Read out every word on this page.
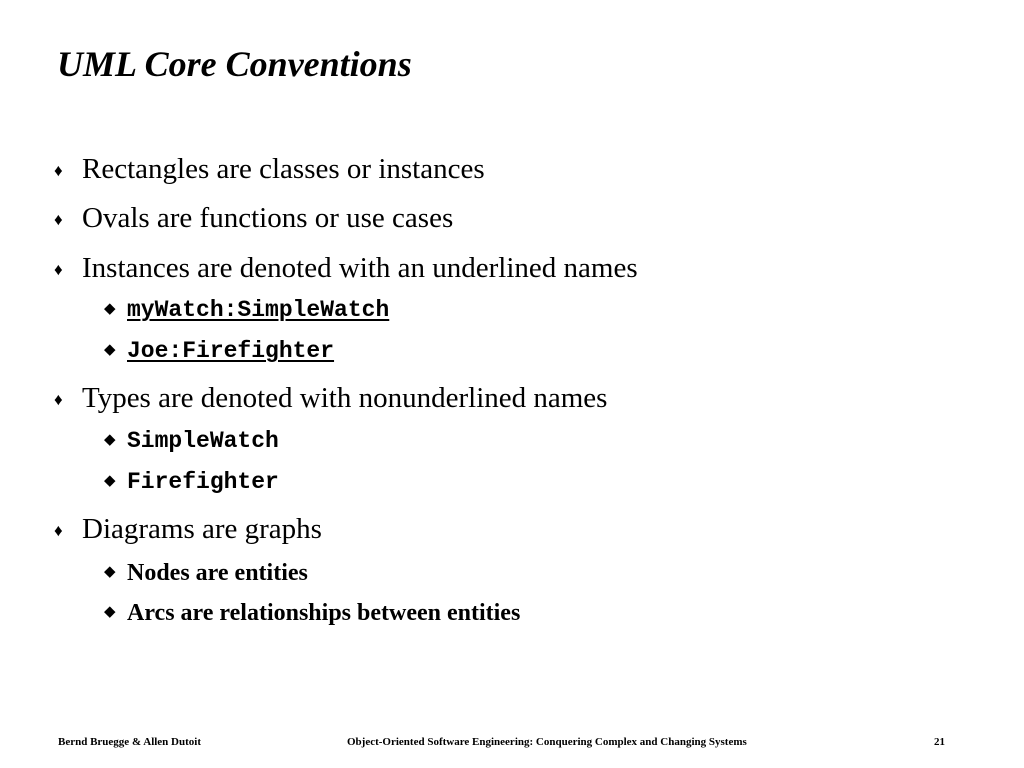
UML Core Conventions
♦ Rectangles are classes or instances
♦ Ovals are functions or use cases
♦ Instances are denoted with an underlined names
◆ myWatch:SimpleWatch
◆ Joe:Firefighter
♦ Types are denoted with nonunderlined names
◆ SimpleWatch
◆ Firefighter
♦ Diagrams are graphs
◆ Nodes are entities
◆ Arcs are relationships between entities
Bernd Bruegge & Allen Dutoit	Object-Oriented Software Engineering: Conquering Complex and Changing Systems	21
